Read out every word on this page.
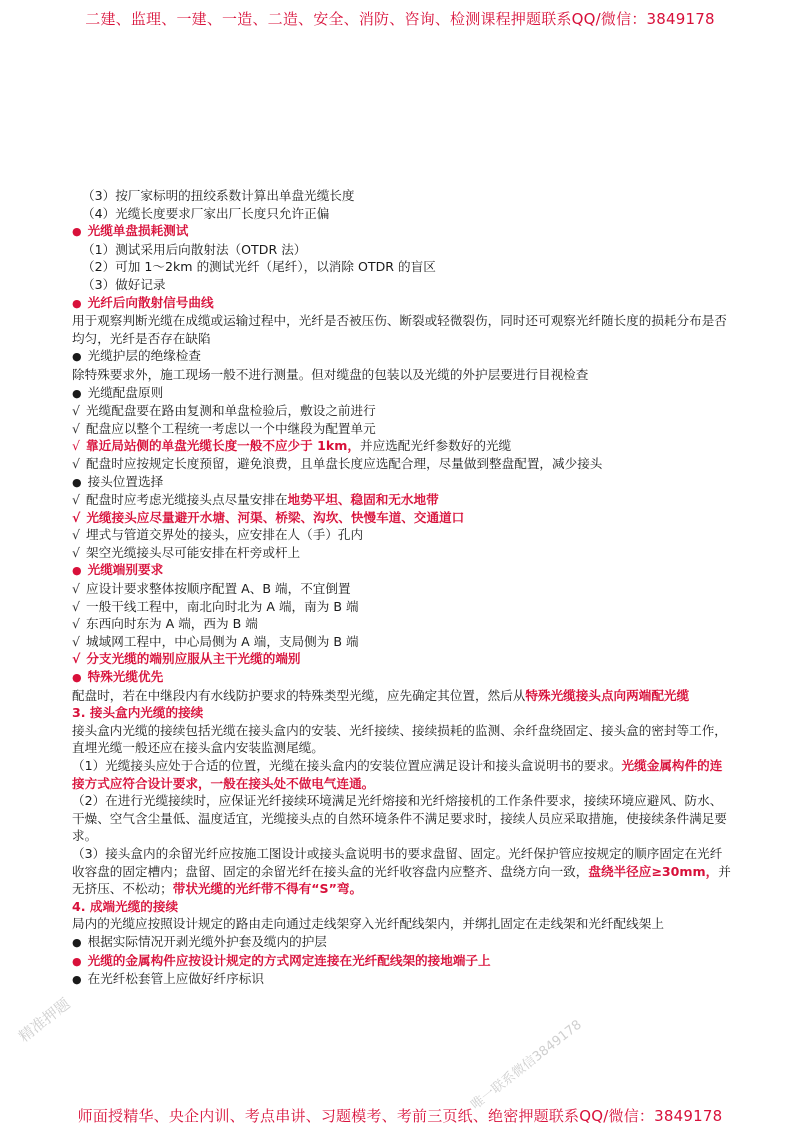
二建、监理、一建、一造、二造、安全、消防、咨询、检测课程押题联系QQ/微信：3849178
精准押题	唯一联系微信3849178
（3）按厂家标明的扭绞系数计算出单盘光缆长度
（4）光缆长度要求厂家出厂长度只允许正偏
● 光缆单盘损耗测试
（1）测试采用后向散射法（OTDR 法）
（2）可加 1～2km 的测试光纤（尾纤），以消除 OTDR 的盲区
（3）做好记录
● 光纤后向散射信号曲线
用于观察判断光缆在成缆或运输过程中，光纤是否被压伤、断裂或轻微裂伤，同时还可观察光纤随长度的损耗分布是否均匀，光纤是否存在缺陷
● 光缆护层的绝缘检查
除特殊要求外，施工现场一般不进行测量。但对缆盘的包装以及光缆的外护层要进行目视检查
● 光缆配盘原则
√ 光缆配盘要在路由复测和单盘检验后，敷设之前进行
√ 配盘应以整个工程统一考虑以一个中继段为配置单元
√ 靠近局站侧的单盘光缆长度一般不应少于 1km，并应选配光纤参数好的光缆
√ 配盘时应按规定长度预留，避免浪费，且单盘长度应选配合理，尽量做到整盘配置，减少接头
● 接头位置选择
√ 配盘时应考虑光缆接头点尽量安排在地势平坦、稳固和无水地带
√ 光缆接头应尽量避开水塘、河渠、桥梁、沟坎、快慢车道、交通道口
√ 埋式与管道交界处的接头，应安排在人（手）孔内
√ 架空光缆接头尽可能安排在杆旁或杆上
● 光缆端别要求
√ 应设计要求整体按顺序配置 A、B 端，不宜倒置
√ 一般干线工程中，南北向时北为 A 端，南为 B 端
√ 东西向时东为 A 端，西为 B 端
√ 城域网工程中，中心局侧为 A 端，支局侧为 B 端
√ 分支光缆的端别应服从主干光缆的端别
● 特殊光缆优先
配盘时，若在中继段内有水线防护要求的特殊类型光缆，应先确定其位置，然后从特殊光缆接头点向两端配光缆
3. 接头盒内光缆的接续
接头盒内光缆的接续包括光缆在接头盒内的安装、光纤接续、接续损耗的监测、余纤盘绕固定、接头盒的密封等工作，直埋光缆一般还应在接头盒内安装监测尾缆。
（1）光缆接头应处于合适的位置，光缆在接头盒内的安装位置应满足设计和接头盒说明书的要求。光缆金属构件的连接方式应符合设计要求，一般在接头处不做电气连通。
（2）在进行光缆接续时，应保证光纤接续环境满足光纤熔接和光纤熔接机的工作条件要求，接续环境应避风、防水、干燥、空气含尘量低、温度适宜，光缆接头点的自然环境条件不满足要求时，接续人员应采取措施，使接续条件满足要求。
（3）接头盒内的余留光纤应按施工图设计或接头盒说明书的要求盘留、固定。光纤保护管应按规定的顺序固定在光纤收容盘的固定槽内；盘留、固定的余留光纤在接头盒的光纤收容盘内应整齐、盘绕方向一致，盘绕半径应≥30mm，并无挤压、不松动；带状光缆的光纤带不得有“S”弯。
4. 成端光缆的接续
局内的光缆应按照设计规定的路由走向通过走线架穿入光纤配线架内，并绑扎固定在走线架和光纤配线架上
● 根据实际情况开剥光缆外护套及缆内的护层
● 光缆的金属构件应按设计规定的方式网定连接在光纤配线架的接地端子上
● 在光纤松套管上应做好纤序标识
师面授精华、央企内训、考点串讲、习题模考、考前三页纸、绝密押题联系QQ/微信：3849178
